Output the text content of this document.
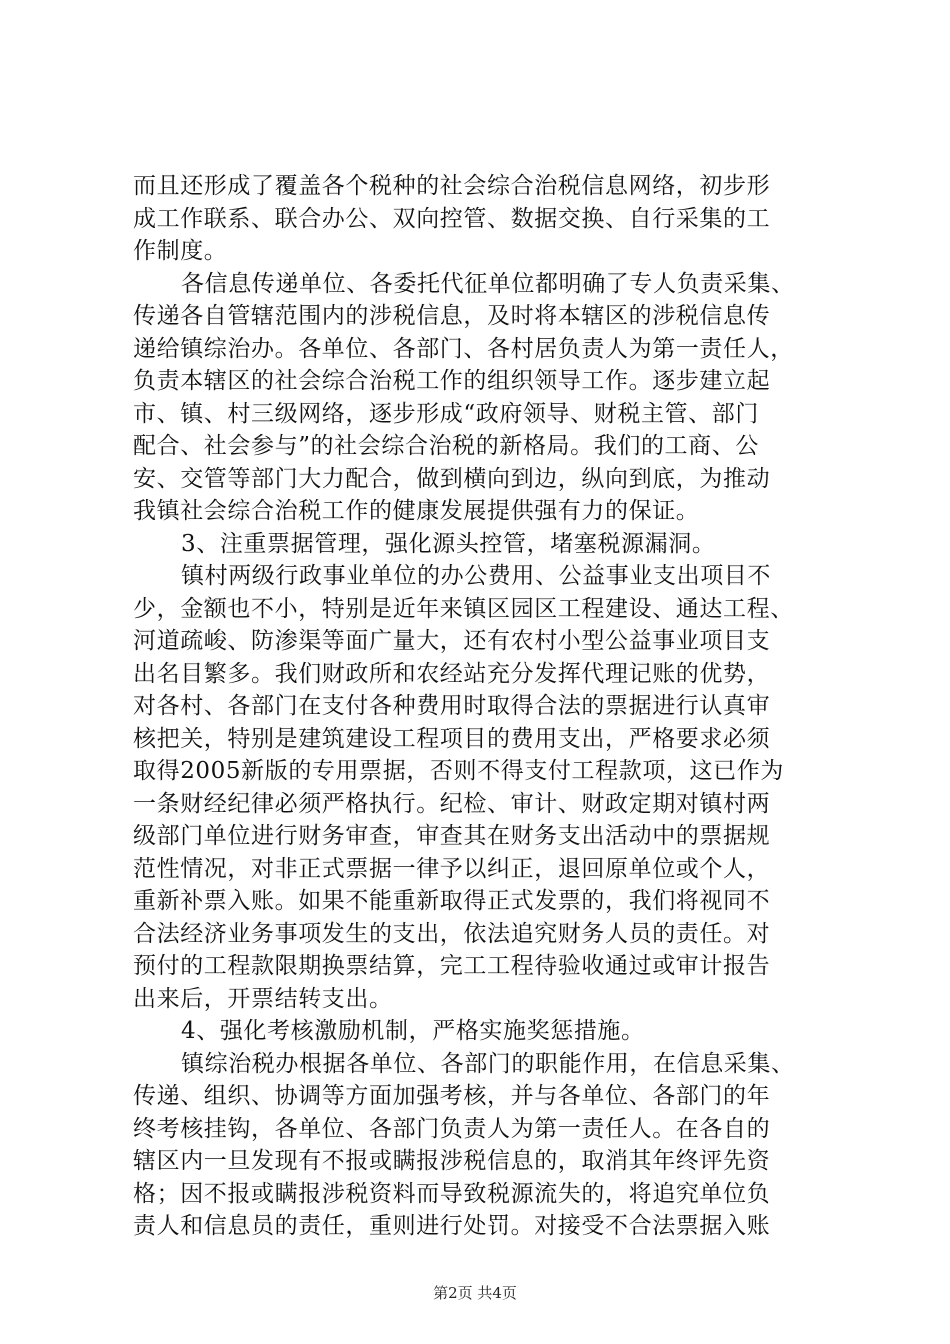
而且还形成了覆盖各个税种的社会综合治税信息网络，初步形
成工作联系、联合办公、双向控管、数据交换、自行采集的工
作制度。
各信息传递单位、各委托代征单位都明确了专人负责采集、
传递各自管辖范围内的涉税信息，及时将本辖区的涉税信息传
递给镇综治办。各单位、各部门、各村居负责人为第一责任人，
负责本辖区的社会综合治税工作的组织领导工作。逐步建立起
市、镇、村三级网络，逐步形成“政府领导、财税主管、部门
配合、社会参与”的社会综合治税的新格局。我们的工商、公
安、交管等部门大力配合，做到横向到边，纵向到底，为推动
我镇社会综合治税工作的健康发展提供强有力的保证。
3、注重票据管理，强化源头控管，堵塞税源漏洞。
镇村两级行政事业单位的办公费用、公益事业支出项目不
少，金额也不小，特别是近年来镇区园区工程建设、通达工程、
河道疏峻、防渗渠等面广量大，还有农村小型公益事业项目支
出名目繁多。我们财政所和农经站充分发挥代理记账的优势，
对各村、各部门在支付各种费用时取得合法的票据进行认真审
核把关，特别是建筑建设工程项目的费用支出，严格要求必须
取得2005新版的专用票据，否则不得支付工程款项，这已作为
一条财经纪律必须严格执行。纪检、审计、财政定期对镇村两
级部门单位进行财务审查，审查其在财务支出活动中的票据规
范性情况，对非正式票据一律予以纠正，退回原单位或个人，
重新补票入账。如果不能重新取得正式发票的，我们将视同不
合法经济业务事项发生的支出，依法追究财务人员的责任。对
预付的工程款限期换票结算，完工工程待验收通过或审计报告
出来后，开票结转支出。
4、强化考核激励机制，严格实施奖惩措施。
镇综治税办根据各单位、各部门的职能作用，在信息采集、
传递、组织、协调等方面加强考核，并与各单位、各部门的年
终考核挂钩，各单位、各部门负责人为第一责任人。在各自的
辖区内一旦发现有不报或瞒报涉税信息的，取消其年终评先资
格；因不报或瞒报涉税资料而导致税源流失的，将追究单位负
责人和信息员的责任，重则进行处罚。对接受不合法票据入账
第2页 共4页
